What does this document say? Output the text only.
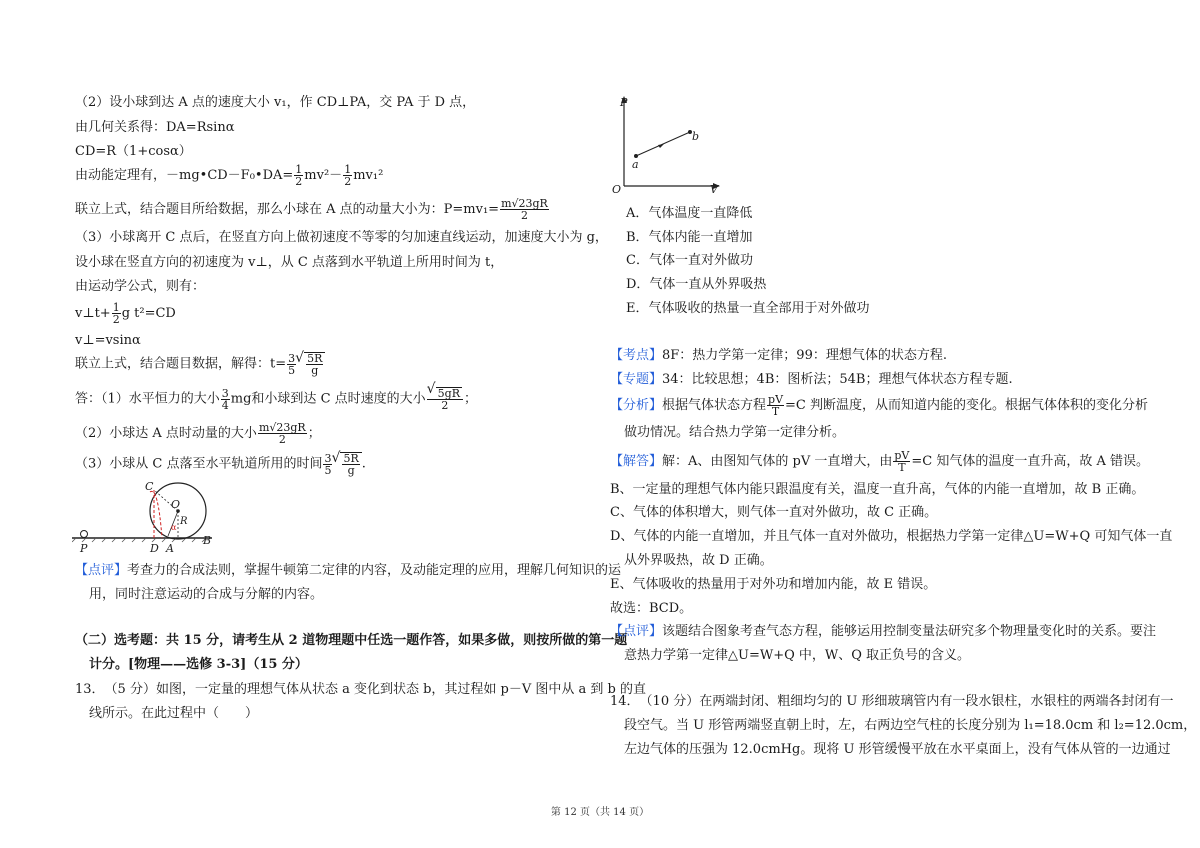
（2）设小球到达 A 点的速度大小 v₁，作 CD⊥PA，交 PA 于 D 点，
由几何关系得：DA=Rsinα
CD=R（1+cosα）
由动能定理有，－mg•CD－F₀•DA= $\frac{1}{2} mv^2- \frac{1}{2} mv_1^2$
联立上式，结合题目所给数据，那么小球在 A 点的动量大小为：$P=mv_1= \frac{m√23gR}{2}$
（3）小球离开 C 点后，在竖直方向上做初速度不等零的匀加速直线运动，加速度大小为 g，
设小球在竖直方向的初速度为 v⊥，从 C 点落到水平轨道上所用时间为 t，
由运动学公式，则有：
v⊥t+ $\frac{1}{2}$ g t²=CD
v⊥=vsinα
联立上式，结合题目数据，解得：$t= \frac{3}{5}$ √ $\frac{5R}{g}$
答：（1）水平恒力的大小 $\frac{3}{4}$ mg和小球到达 C 点时速度的大小 √ $\frac{5gR}{2}$ ；
（2）小球达 A 点时动量的大小 $\frac{m√23gR}{2}$ ；
（3）小球从 C 点落至水平轨道所用的时间 $\frac{3}{5}$ √ $\frac{5R}{g}$ .
C
O
α
R
P	D A
B
【点评】考查力的合成法则，掌握牛顿第二定律的内容，及动能定理的应用，理解几何知识的运
用，同时注意运动的合成与分解的内容。
（二）选考题：共 15 分，请考生从 2 道物理题中任选一题作答，如果多做，则按所做的第一题
计分。[物理——选修 3-3]（15 分）
13．　（5 分）如图，一定量的理想气体从状态 a 变化到状态 b，其过程如 p－V 图中从 a 到 b 的直
线所示。在此过程中（　　）
P
O	V
a
b
A．气体温度一直降低
B．气体内能一直增加
C．气体一直对外做功
D．气体一直从外界吸热
E．气体吸收的热量一直全部用于对外做功
【考点】8F：热力学第一定律；99：理想气体的状态方程.
【专题】34：比较思想；4B：图析法；54B；理想气体状态方程专题.
【分析】根据气体状态方程 $\frac{pV}{T} =C$ 判断温度，从而知道内能的变化。根据气体体积的变化分析
做功情况。结合热力学第一定律分析。
【解答】解：A、由图知气体的 pV 一直增大，由 $\frac{pV}{T} =C$ 知气体的温度一直升高，故 A 错误。
B、一定量的理想气体内能只跟温度有关，温度一直升高，气体的内能一直增加，故 B 正确。
C、气体的体积增大，则气体一直对外做功，故 C 正确。
D、气体的内能一直增加，并且气体一直对外做功，根据热力学第一定律△U=W+Q 可知气体一直
从外界吸热，故 D 正确。
E、气体吸收的热量用于对外功和增加内能，故 E 错误。
故选：BCD。
【点评】该题结合图象考查气态方程，能够运用控制变量法研究多个物理量变化时的关系。要注
意热力学第一定律△U=W+Q 中，W、Q 取正负号的含义。
14．　（10 分）在两端封闭、粗细均匀的 U 形细玻璃管内有一段水银柱，水银柱的两端各封闭有一
段空气。当 U 形管两端竖直朝上时，左，右两边空气柱的长度分别为 l₁=18.0cm 和 l₂=12.0cm，
左边气体的压强为 12.0cmHg。现将 U 形管缓慢平放在水平桌面上，没有气体从管的一边通过
第 12 页（共 14 页）
